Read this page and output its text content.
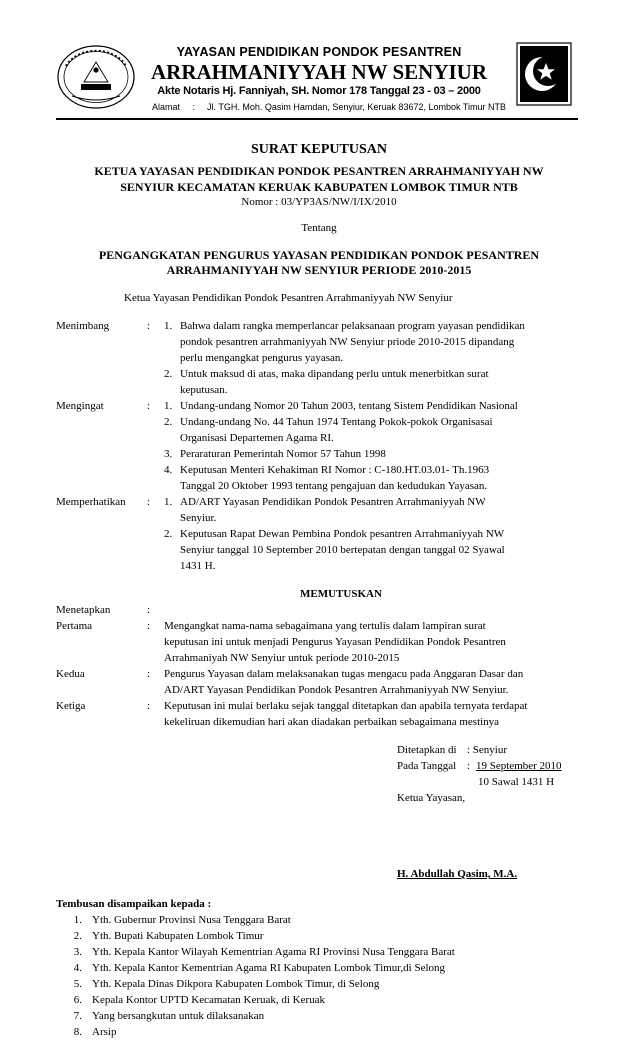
YAYASAN PENDIDIKAN PONDOK PESANTREN
ARRAHMANIYYAH NW SENYIUR
Akte Notaris Hj. Fanniyah, SH. Nomor 178 Tanggal 23 - 03 – 2000
Alamat : Jl. TGH. Moh. Qasim Hamdan, Senyiur, Keruak 83672, Lombok Timur NTB
SURAT KEPUTUSAN
KETUA YAYASAN PENDIDIKAN PONDOK PESANTREN ARRAHMANIYYAH NW
SENYIUR KECAMATAN KERUAK KABUPATEN LOMBOK TIMUR NTB
Nomor : 03/YP3AS/NW/I/IX/2010
Tentang
PENGANGKATAN PENGURUS YAYASAN PENDIDIKAN PONDOK PESANTREN
ARRAHMANIYYAH NW SENYIUR PERIODE 2010-2015
Ketua Yayasan Pendidikan Pondok Pesantren Arrahmaniyyah NW Senyiur
Menimbang	: 1. Bahwa dalam rangka memperlancar pelaksanaan program yayasan pendidikan
pondok pesantren arrahmaniyyah NW Senyiur priode 2010-2015 dipandang
perlu mengangkat pengurus yayasan.
2. Untuk maksud di atas, maka dipandang perlu untuk menerbitkan surat
keputusan.
Mengingat	: 1. Undang-undang Nomor 20 Tahun 2003, tentang Sistem Pendidikan Nasional
2. Undang-undang No. 44 Tahun 1974 Tentang Pokok-pokok Organisasai
Organisasi Departemen Agama RI.
3. Peraraturan Pemerintah Nomor 57 Tahun 1998
4. Keputusan Menteri Kehakiman RI Nomor : C-180.HT.03.01- Th.1963
Tanggal 20 Oktober 1993 tentang pengajuan dan kedudukan Yayasan.
Memperhatikan : 1. AD/ART Yayasan Pendidikan Pondok Pesantren Arrahmaniyyah NW
Senyiur.
2. Keputusan Rapat Dewan Pembina Pondok pesantren Arrahmaniyyah NW
Senyiur tanggal 10 September 2010 bertepatan dengan tanggal 02 Syawal
1431 H.
MEMUTUSKAN
Menetapkan	:
Pertama	: Mengangkat nama-nama sebagaimana yang tertulis dalam lampiran surat
keputusan ini untuk menjadi Pengurus Yayasan Pendidikan Pondok Pesantren
Arrahmaniyah NW Senyiur untuk periode 2010-2015
Kedua	: Pengurus Yayasan dalam melaksanakan tugas mengacu pada Anggaran Dasar dan
AD/ART Yayasan Pendidikan Pondok Pesantren Arrahmaniyyah NW Senyiur.
Ketiga	: Keputusan ini mulai berlaku sejak tanggal ditetapkan dan apabila ternyata terdapat
kekeliruan dikemudian hari akan diadakan perbaikan sebagaimana mestinya
Ditetapkan di : Senyiur
Pada Tanggal : 19 September 2010
10 Sawal 1431 H
Ketua Yayasan,
H. Abdullah Qasim, M.A.
Tembusan disampaikan kepada :
1. Yth. Gubernur Provinsi Nusa Tenggara Barat
2. Yth. Bupati Kabupaten Lombok Timur
3. Yth. Kepala Kantor Wilayah Kementrian Agama RI Provinsi Nusa Tenggara Barat
4. Yth. Kepala Kantor Kementrian Agama RI Kabupaten Lombok Timur,di Selong
5. Yth. Kepala Dinas Dikpora Kabupaten Lombok Timur, di Selong
6. Kepala Kontor UPTD Kecamatan Keruak, di Keruak
7. Yang bersangkutan untuk dilaksanakan
8. Arsip
